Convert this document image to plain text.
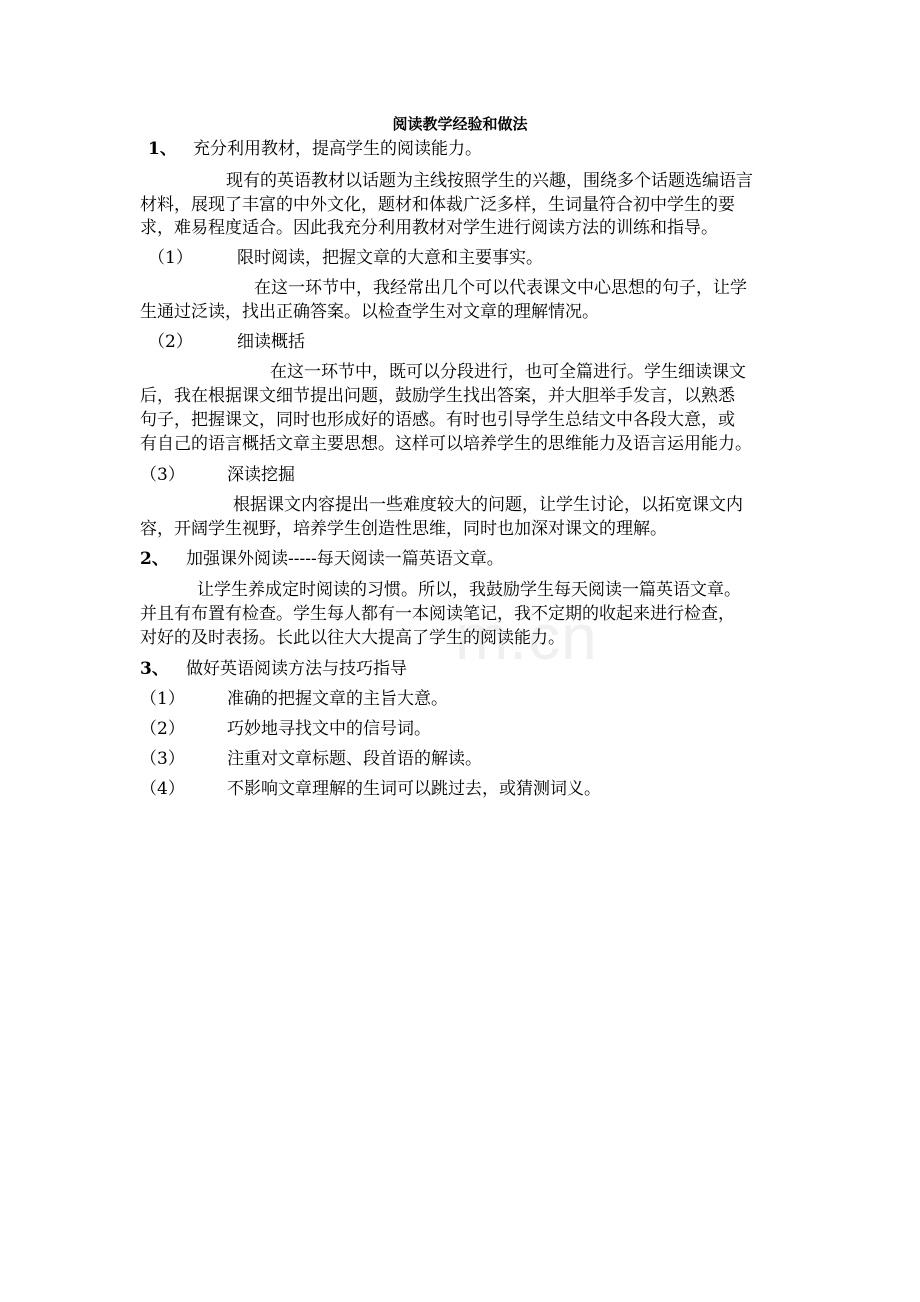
m.cn
阅读教学经验和做法
1、 充分利用教材，提高学生的阅读能力。
现有的英语教材以话题为主线按照学生的兴趣，围绕多个话题选编语言
材料，展现了丰富的中外文化，题材和体裁广泛多样，生词量符合初中学生的要
求，难易程度适合。因此我充分利用教材对学生进行阅读方法的训练和指导。
（1）	限时阅读，把握文章的大意和主要事实。
在这一环节中，我经常出几个可以代表课文中心思想的句子，让学
生通过泛读，找出正确答案。以检查学生对文章的理解情况。
（2）	细读概括
在这一环节中，既可以分段进行，也可全篇进行。学生细读课文
后，我在根据课文细节提出问题，鼓励学生找出答案，并大胆举手发言，以熟悉
句子，把握课文，同时也形成好的语感。有时也引导学生总结文中各段大意，或
有自己的语言概括文章主要思想。这样可以培养学生的思维能力及语言运用能力。
（3） 深读挖掘
根据课文内容提出一些难度较大的问题，让学生讨论，以拓宽课文内
容，开阔学生视野，培养学生创造性思维，同时也加深对课文的理解。
2、 加强课外阅读-----每天阅读一篇英语文章。
让学生养成定时阅读的习惯。所以，我鼓励学生每天阅读一篇英语文章。
并且有布置有检查。学生每人都有一本阅读笔记，我不定期的收起来进行检查，
对好的及时表扬。长此以往大大提高了学生的阅读能力。
3、 做好英语阅读方法与技巧指导
（1） 准确的把握文章的主旨大意。
（2） 巧妙地寻找文中的信号词。
（3） 注重对文章标题、段首语的解读。
（4） 不影响文章理解的生词可以跳过去，或猜测词义。
